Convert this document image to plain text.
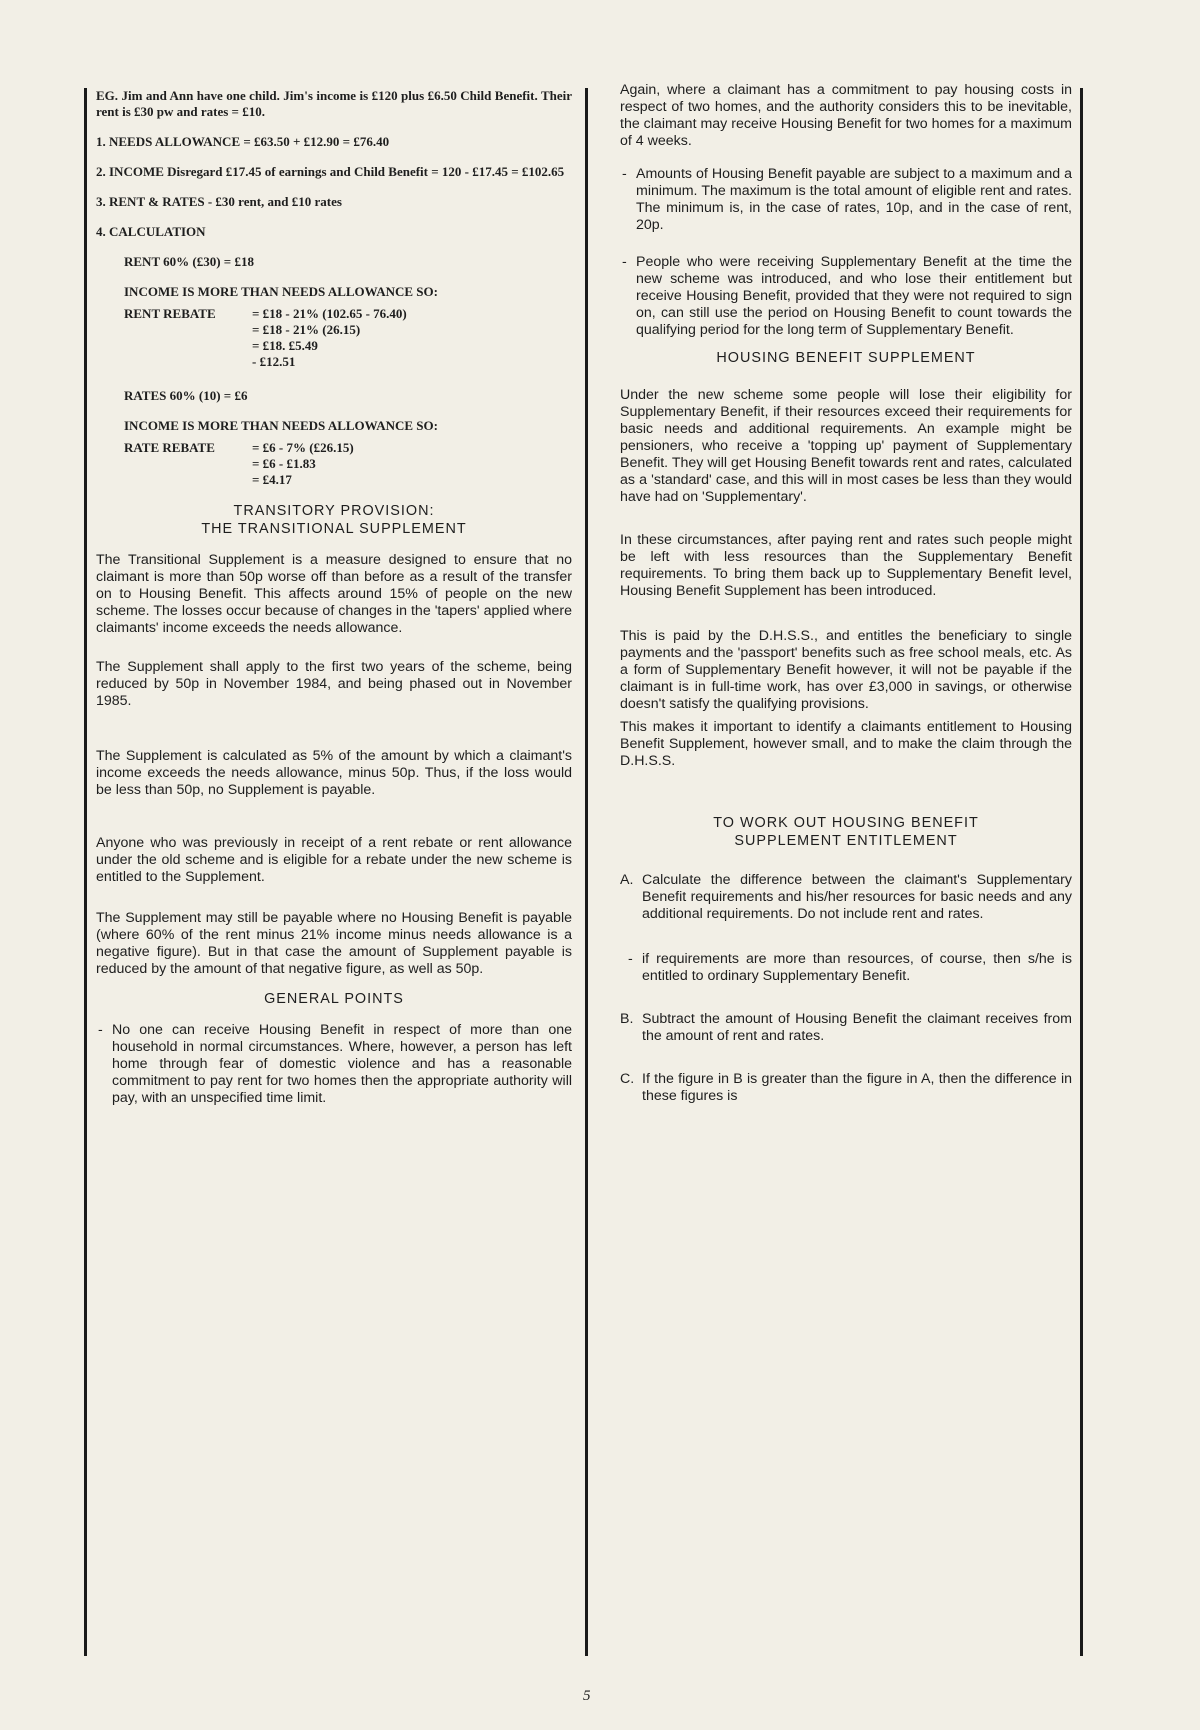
EG. Jim and Ann have one child. Jim's income is £120 plus £6.50 Child Benefit. Their rent is £30 pw and rates = £10.

1. NEEDS ALLOWANCE = £63.50 + £12.90 = £76.40
2. INCOME Disregard £17.45 of earnings and Child Benefit = 120 - £17.45 = £102.65
3. RENT & RATES - £30 rent, and £10 rates
4. CALCULATION
RENT 60% (£30) = £18
INCOME IS MORE THAN NEEDS ALLOWANCE SO:
RENT REBATE	= £18 - 21% (102.65 - 76.40)
= £18 - 21% (26.15)
= £18. £5.49
- £12.51
RATES 60% (10) = £6
INCOME IS MORE THAN NEEDS ALLOWANCE SO:
RATE REBATE	= £6 - 7% (£26.15)
= £6 - £1.83
= £4.17
TRANSITORY PROVISION:
THE TRANSITIONAL SUPPLEMENT

The Transitional Supplement is a measure designed to ensure that no claimant is more than 50p worse off than before as a result of the transfer on to Housing Benefit. This affects around 15% of people on the new scheme. The losses occur because of changes in the 'tapers' applied where claimants' income exceeds the needs allowance.

The Supplement shall apply to the first two years of the scheme, being reduced by 50p in November 1984, and being phased out in November 1985.

The Supplement is calculated as 5% of the amount by which a claimant's income exceeds the needs allowance, minus 50p. Thus, if the loss would be less than 50p, no Supplement is payable.

Anyone who was previously in receipt of a rent rebate or rent allowance under the old scheme and is eligible for a rebate under the new scheme is entitled to the Supplement.

The Supplement may still be payable where no Housing Benefit is payable (where 60% of the rent minus 21% income minus needs allowance is a negative figure). But in that case the amount of Supplement payable is reduced by the amount of that negative figure, as well as 50p.

GENERAL POINTS

- No one can receive Housing Benefit in respect of more than one household in normal circumstances. Where, however, a person has left home through fear of domestic violence and has a reasonable commitment to pay rent for two homes then the appropriate authority will pay, with an unspecified time limit.

Again, where a claimant has a commitment to pay housing costs in respect of two homes, and the authority considers this to be inevitable, the claimant may receive Housing Benefit for two homes for a maximum of 4 weeks.

- Amounts of Housing Benefit payable are subject to a maximum and a minimum. The maximum is the total amount of eligible rent and rates. The minimum is, in the case of rates, 10p, and in the case of rent, 20p.

- People who were receiving Supplementary Benefit at the time the new scheme was introduced, and who lose their entitlement but receive Housing Benefit, provided that they were not required to sign on, can still use the period on Housing Benefit to count towards the qualifying period for the long term of Supplementary Benefit.

HOUSING BENEFIT SUPPLEMENT

Under the new scheme some people will lose their eligibility for Supplementary Benefit, if their resources exceed their requirements for basic needs and additional requirements. An example might be pensioners, who receive a 'topping up' payment of Supplementary Benefit. They will get Housing Benefit towards rent and rates, calculated as a 'standard' case, and this will in most cases be less than they would have had on 'Supplementary'.

In these circumstances, after paying rent and rates such people might be left with less resources than the Supplementary Benefit requirements. To bring them back up to Supplementary Benefit level, Housing Benefit Supplement has been introduced.

This is paid by the D.H.S.S., and entitles the beneficiary to single payments and the 'passport' benefits such as free school meals, etc. As a form of Supplementary Benefit however, it will not be payable if the claimant is in full-time work, has over £3,000 in savings, or otherwise doesn't satisfy the qualifying provisions.

This makes it important to identify a claimants entitlement to Housing Benefit Supplement, however small, and to make the claim through the D.H.S.S.

TO WORK OUT HOUSING BENEFIT
SUPPLEMENT ENTITLEMENT

A. Calculate the difference between the claimant's Supplementary Benefit requirements and his/her resources for basic needs and any additional requirements. Do not include rent and rates.

- if requirements are more than resources, of course, then s/he is entitled to ordinary Supplementary Benefit.

B. Subtract the amount of Housing Benefit the claimant receives from the amount of rent and rates.

C. If the figure in B is greater than the figure in A, then the difference in these figures is

5
